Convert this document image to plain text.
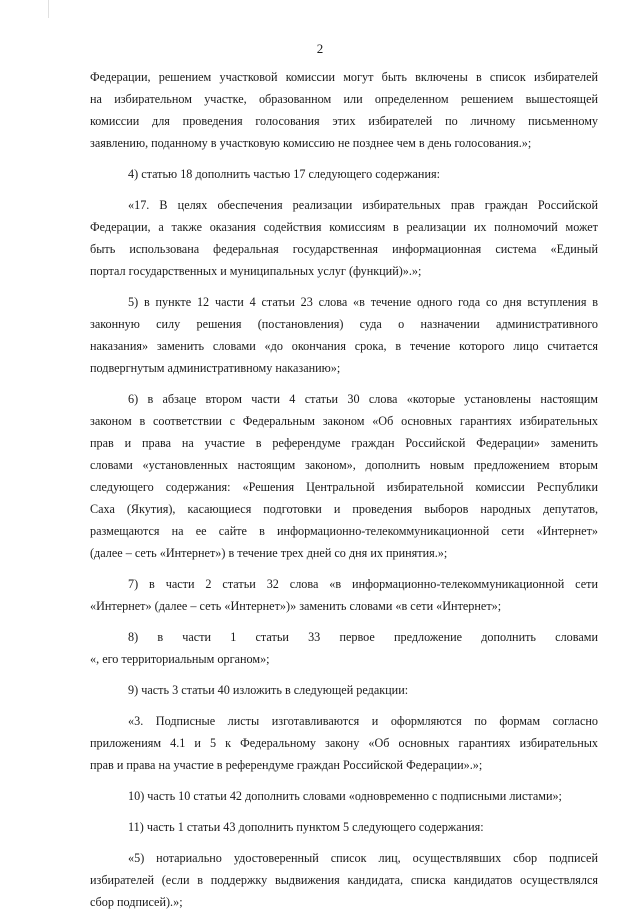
2
Федерации, решением участковой комиссии могут быть включены в список избирателей
на избирательном участке, образованном или определенном решением вышестоящей
комиссии для проведения голосования этих избирателей по личному письменному
заявлению, поданному в участковую комиссию не позднее чем в день голосования.»;
4) статью 18 дополнить частью 17 следующего содержания:
«17. В целях обеспечения реализации избирательных прав граждан Российской
Федерации, а также оказания содействия комиссиям в реализации их полномочий может
быть использована федеральная государственная информационная система «Единый
портал государственных и муниципальных услуг (функций)».»;
5) в пункте 12 части 4 статьи 23 слова «в течение одного года со дня вступления в
законную силу решения (постановления) суда о назначении административного
наказания» заменить словами «до окончания срока, в течение которого лицо считается
подвергнутым административному наказанию»;
6) в абзаце втором части 4 статьи 30 слова «которые установлены настоящим
законом в соответствии с Федеральным законом «Об основных гарантиях избирательных
прав и права на участие в референдуме граждан Российской Федерации» заменить
словами «установленных настоящим законом», дополнить новым предложением вторым
следующего содержания: «Решения Центральной избирательной комиссии Республики
Саха (Якутия), касающиеся подготовки и проведения выборов народных депутатов,
размещаются на ее сайте в информационно-телекоммуникационной сети «Интернет»
(далее – сеть «Интернет») в течение трех дней со дня их принятия.»;
7) в части 2 статьи 32 слова «в информационно-телекоммуникационной сети
«Интернет» (далее – сеть «Интернет»)» заменить словами «в сети «Интернет»;
8) в части 1 статьи 33 первое предложение дополнить словами
«, его территориальным органом»;
9) часть 3 статьи 40 изложить в следующей редакции:
«3. Подписные листы изготавливаются и оформляются по формам согласно
приложениям 4.1 и 5 к Федеральному закону «Об основных гарантиях избирательных
прав и права на участие в референдуме граждан Российской Федерации».»;
10) часть 10 статьи 42 дополнить словами «одновременно с подписными листами»;
11) часть 1 статьи 43 дополнить пунктом 5 следующего содержания:
«5) нотариально удостоверенный список лиц, осуществлявших сбор подписей
избирателей (если в поддержку выдвижения кандидата, списка кандидатов осуществлялся
сбор подписей).»;
